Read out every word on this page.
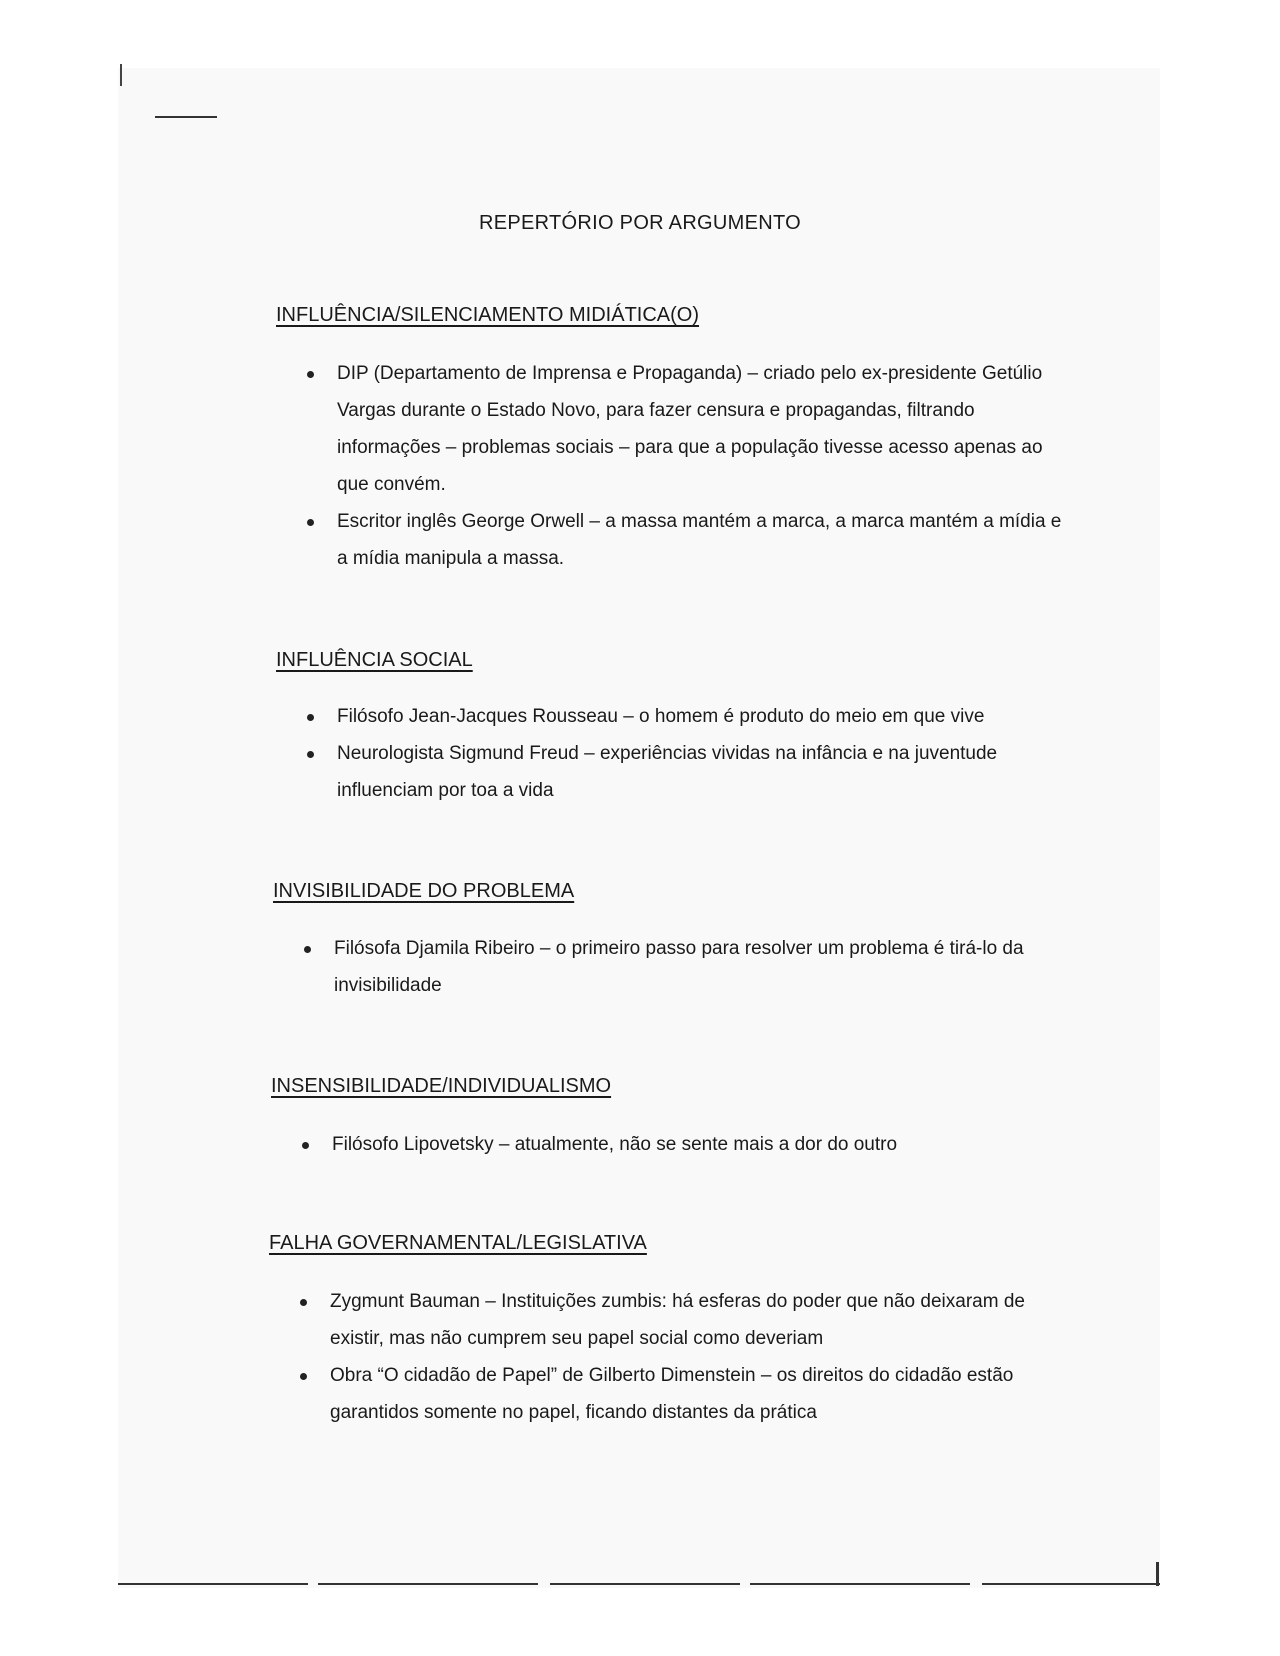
REPERTÓRIO POR ARGUMENTO
INFLUÊNCIA/SILENCIAMENTO MIDIÁTICA(O)
DIP (Departamento de Imprensa e Propaganda) – criado pelo ex-presidente Getúlio Vargas durante o Estado Novo, para fazer censura e propagandas, filtrando informações – problemas sociais – para que a população tivesse acesso apenas ao que convém.
Escritor inglês George Orwell – a massa mantém a marca, a marca mantém a mídia e a mídia manipula a massa.
INFLUÊNCIA SOCIAL
Filósofo Jean-Jacques Rousseau – o homem é produto do meio em que vive
Neurologista Sigmund Freud – experiências vividas na infância e na juventude influenciam por toa a vida
INVISIBILIDADE DO PROBLEMA
Filósofa Djamila Ribeiro – o primeiro passo para resolver um problema é tirá-lo da invisibilidade
INSENSIBILIDADE/INDIVIDUALISMO
Filósofo Lipovetsky – atualmente, não se sente mais a dor do outro
FALHA GOVERNAMENTAL/LEGISLATIVA
Zygmunt Bauman – Instituições zumbis: há esferas do poder que não deixaram de existir, mas não cumprem seu papel social como deveriam
Obra “O cidadão de Papel” de Gilberto Dimenstein – os direitos do cidadão estão garantidos somente no papel, ficando distantes da prática
